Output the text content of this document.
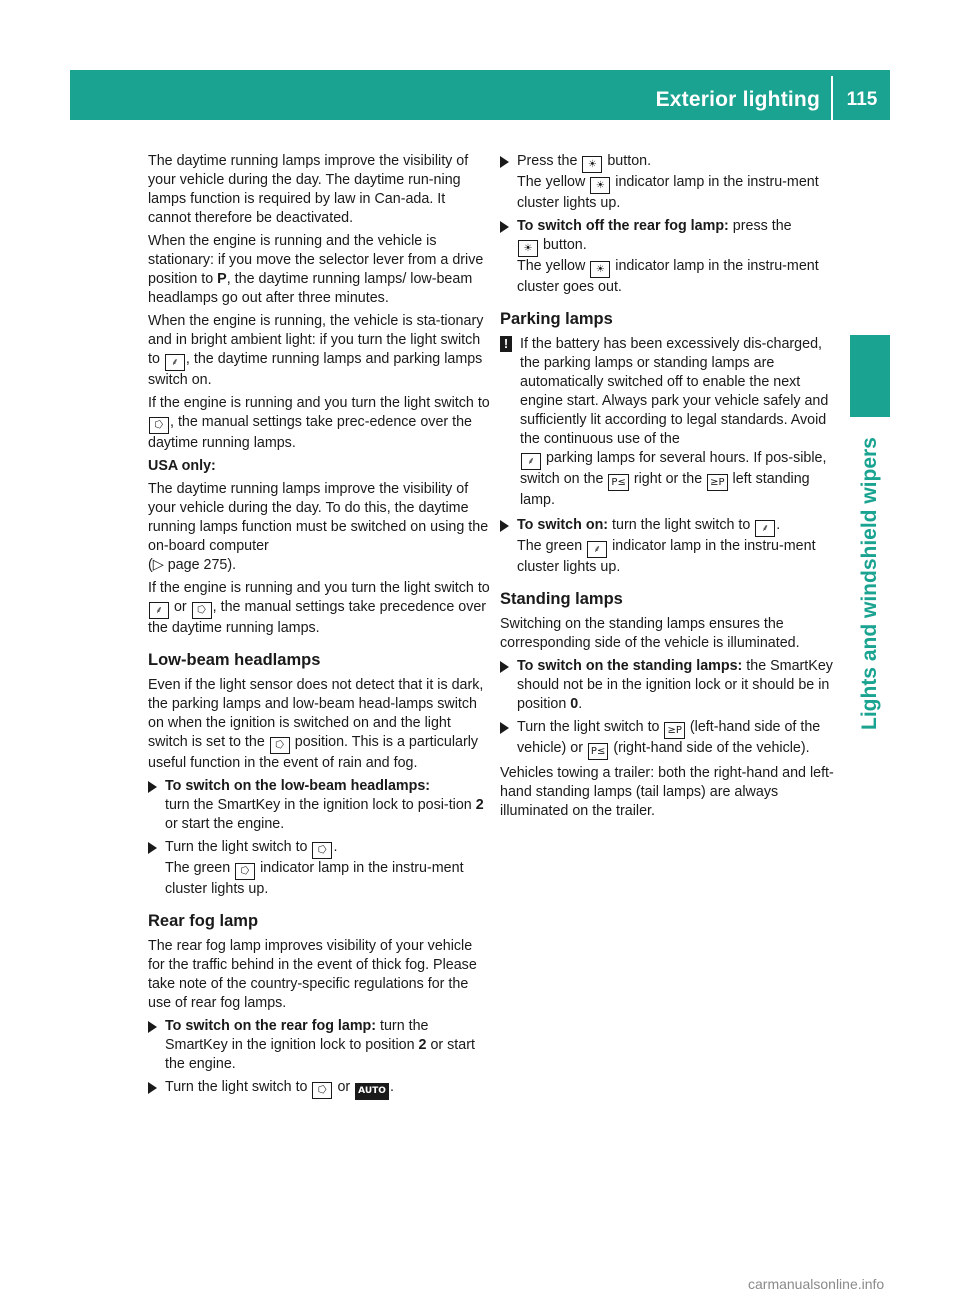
Exterior lighting	115
Lights and windshield wipers

The daytime running lamps improve the visibility of your vehicle during the day. The daytime run-ning lamps function is required by law in Can-ada. It cannot therefore be deactivated.

When the engine is running and the vehicle is stationary: if you move the selector lever from a drive position to P, the daytime running lamps/ low-beam headlamps go out after three minutes.

When the engine is running, the vehicle is sta-tionary and in bright ambient light: if you turn the light switch to ⸙ , the daytime running lamps and parking lamps switch on.

If the engine is running and you turn the light switch to ⭔ , the manual settings take prec-edence over the daytime running lamps.

USA only:

The daytime running lamps improve the visibility of your vehicle during the day. To do this, the daytime running lamps function must be switched on using the on-board computer
(▷ page 275).

If the engine is running and you turn the light switch to ⸙ or ⭔ , the manual settings take precedence over the daytime running lamps.

Low-beam headlamps

Even if the light sensor does not detect that it is dark, the parking lamps and low-beam head-lamps switch on when the ignition is switched on and the light switch is set to the ⭔ position. This is a particularly useful function in the event of rain and fog.

To switch on the low-beam headlamps:
turn the SmartKey in the ignition lock to posi-tion 2 or start the engine.
Turn the light switch to ⭔ .
The green ⭔ indicator lamp in the instru-ment cluster lights up.
Rear fog lamp

The rear fog lamp improves visibility of your vehicle for the traffic behind in the event of thick fog. Please take note of the country-specific regulations for the use of rear fog lamps.

To switch on the rear fog lamp: turn the SmartKey in the ignition lock to position 2 or start the engine.
Turn the light switch to ⭔ or AUTO .
Press the ☀ button.
The yellow ☀ indicator lamp in the instru-ment cluster lights up.
To switch off the rear fog lamp: press the
☀ button.
The yellow ☀ indicator lamp in the instru-ment cluster goes out.
Parking lamps
! If the battery has been excessively dis-charged, the parking lamps or standing lamps are automatically switched off to enable the next engine start. Always park your vehicle safely and sufficiently lit according to legal standards. Avoid the continuous use of the
⸙ parking lamps for several hours. If pos-sible, switch on the P≤ right or the ≥P left standing lamp.
To switch on: turn the light switch to ⸙ .
The green ⸙ indicator lamp in the instru-ment cluster lights up.
Standing lamps

Switching on the standing lamps ensures the corresponding side of the vehicle is illuminated.

To switch on the standing lamps: the SmartKey should not be in the ignition lock or it should be in position 0.
Turn the light switch to ≥P (left-hand side of the vehicle) or P≤ (right-hand side of the vehicle).

Vehicles towing a trailer: both the right-hand and left-hand standing lamps (tail lamps) are always illuminated on the trailer.

carmanualsonline.info
